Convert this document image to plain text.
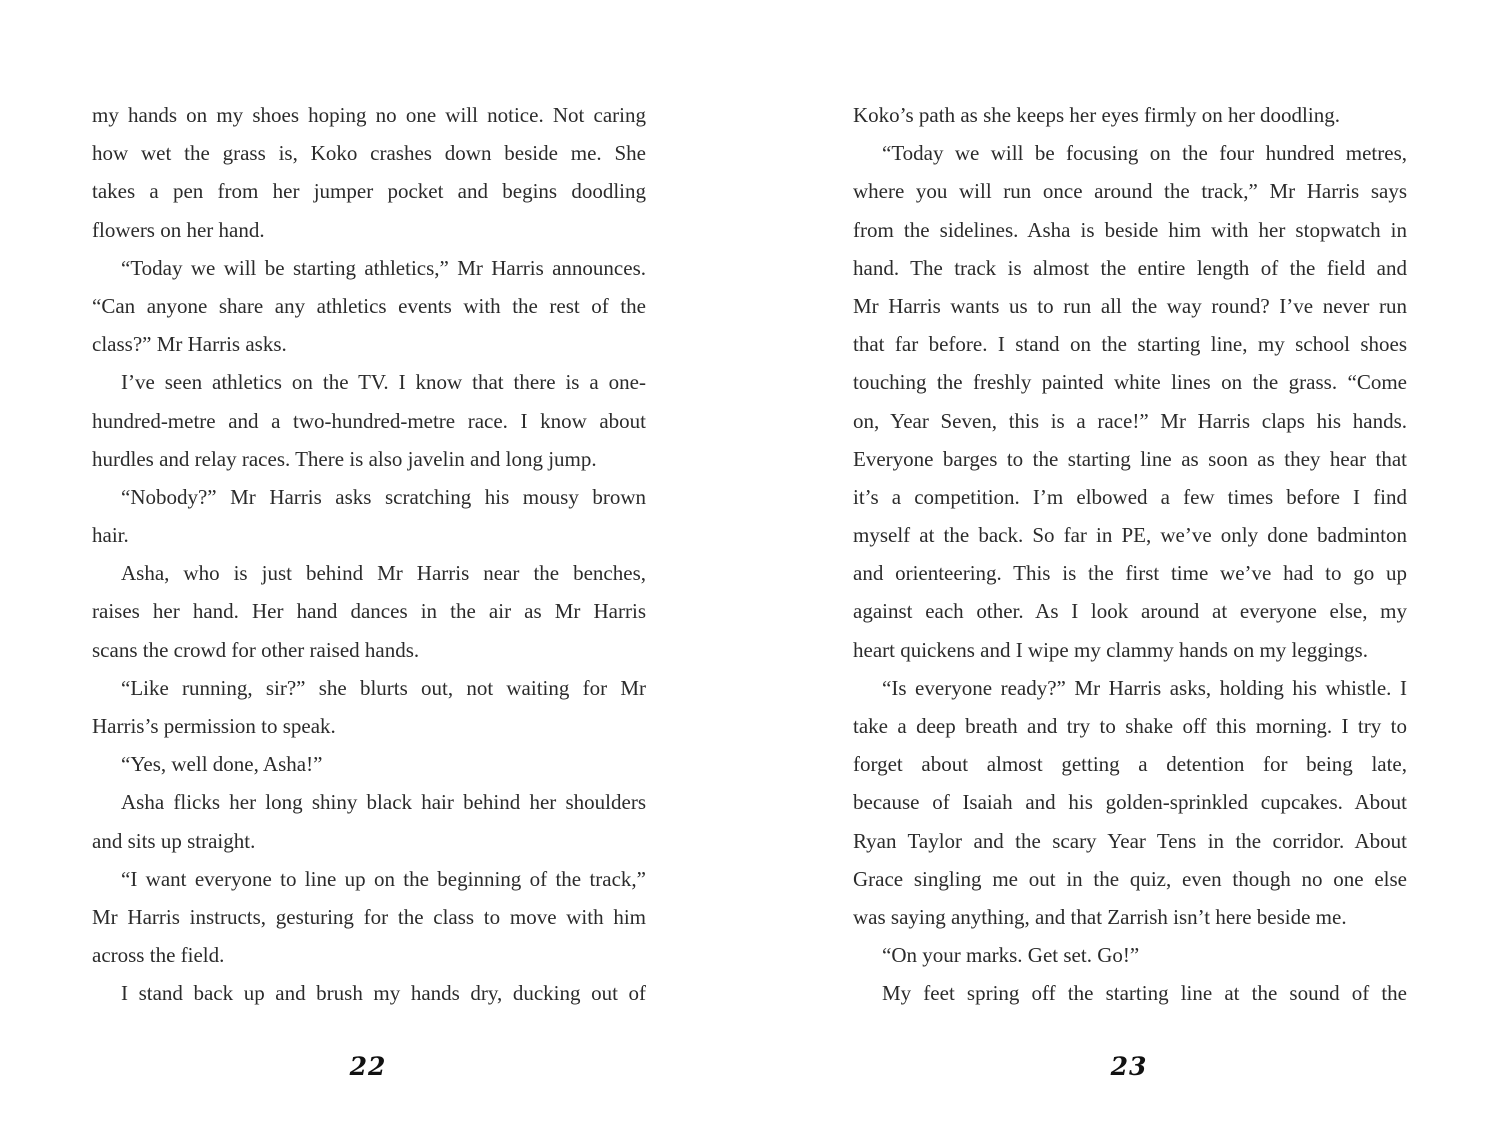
my hands on my shoes hoping no one will notice. Not caring
how wet the grass is, Koko crashes down beside me. She
takes a pen from her jumper pocket and begins doodling
flowers on her hand.
“Today we will be starting athletics,” Mr Harris announces.
“Can anyone share any athletics events with the rest of the
class?” Mr Harris asks.
I’ve seen athletics on the TV. I know that there is a one-
hundred-metre and a two-hundred-metre race. I know about
hurdles and relay races. There is also javelin and long jump.
“Nobody?” Mr Harris asks scratching his mousy brown
hair.
Asha, who is just behind Mr Harris near the benches,
raises her hand. Her hand dances in the air as Mr Harris
scans the crowd for other raised hands.
“Like running, sir?” she blurts out, not waiting for Mr
Harris’s permission to speak.
“Yes, well done, Asha!”
Asha flicks her long shiny black hair behind her shoulders
and sits up straight.
“I want everyone to line up on the beginning of the track,”
Mr Harris instructs, gesturing for the class to move with him
across the field.
I stand back up and brush my hands dry, ducking out of
Koko’s path as she keeps her eyes firmly on her doodling.
“Today we will be focusing on the four hundred metres,
where you will run once around the track,” Mr Harris says
from the sidelines. Asha is beside him with her stopwatch in
hand. The track is almost the entire length of the field and
Mr Harris wants us to run all the way round? I’ve never run
that far before. I stand on the starting line, my school shoes
touching the freshly painted white lines on the grass. “Come
on, Year Seven, this is a race!” Mr Harris claps his hands.
Everyone barges to the starting line as soon as they hear that
it’s a competition. I’m elbowed a few times before I find
myself at the back. So far in PE, we’ve only done badminton
and orienteering. This is the first time we’ve had to go up
against each other. As I look around at everyone else, my
heart quickens and I wipe my clammy hands on my leggings.
“Is everyone ready?” Mr Harris asks, holding his whistle. I
take a deep breath and try to shake off this morning. I try to
forget about almost getting a detention for being late,
because of Isaiah and his golden-sprinkled cupcakes. About
Ryan Taylor and the scary Year Tens in the corridor. About
Grace singling me out in the quiz, even though no one else
was saying anything, and that Zarrish isn’t here beside me.
“On your marks. Get set. Go!”
My feet spring off the starting line at the sound of the
22	23
